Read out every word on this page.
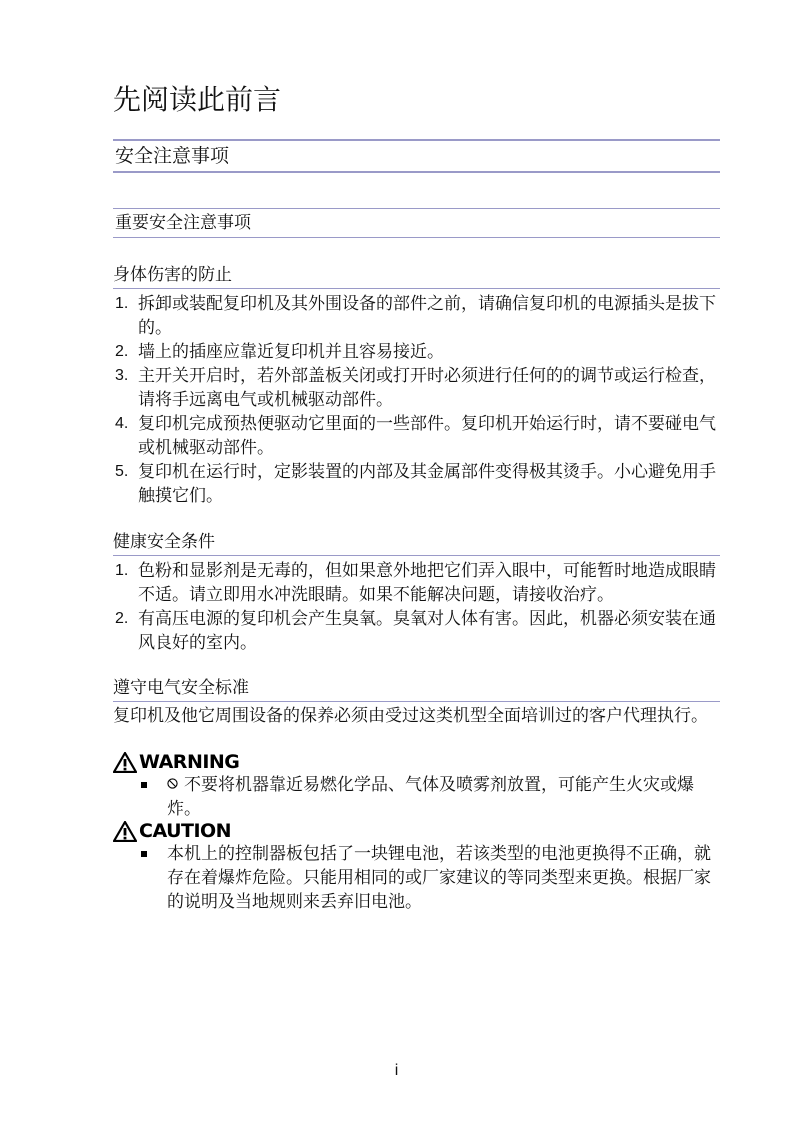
先阅读此前言
安全注意事项
重要安全注意事项
身体伤害的防止
1. 拆卸或装配复印机及其外围设备的部件之前，请确信复印机的电源插头是拔下的。
2. 墙上的插座应靠近复印机并且容易接近。
3. 主开关开启时，若外部盖板关闭或打开时必须进行任何的的调节或运行检查，请将手远离电气或机械驱动部件。
4. 复印机完成预热便驱动它里面的一些部件。复印机开始运行时，请不要碰电气或机械驱动部件。
5. 复印机在运行时，定影装置的内部及其金属部件变得极其烫手。小心避免用手触摸它们。
健康安全条件
1. 色粉和显影剂是无毒的，但如果意外地把它们弄入眼中，可能暂时地造成眼睛不适。请立即用水冲洗眼睛。如果不能解决问题，请接收治疗。
2. 有高压电源的复印机会产生臭氧。臭氧对人体有害。因此，机器必须安装在通风良好的室内。
遵守电气安全标准
复印机及他它周围设备的保养必须由受过这类机型全面培训过的客户代理执行。
WARNING
不要将机器靠近易燃化学品、气体及喷雾剂放置，可能产生火灾或爆炸。
CAUTION
本机上的控制器板包括了一块锂电池，若该类型的电池更换得不正确，就存在着爆炸危险。只能用相同的或厂家建议的等同类型来更换。根据厂家的说明及当地规则来丢弃旧电池。
i
